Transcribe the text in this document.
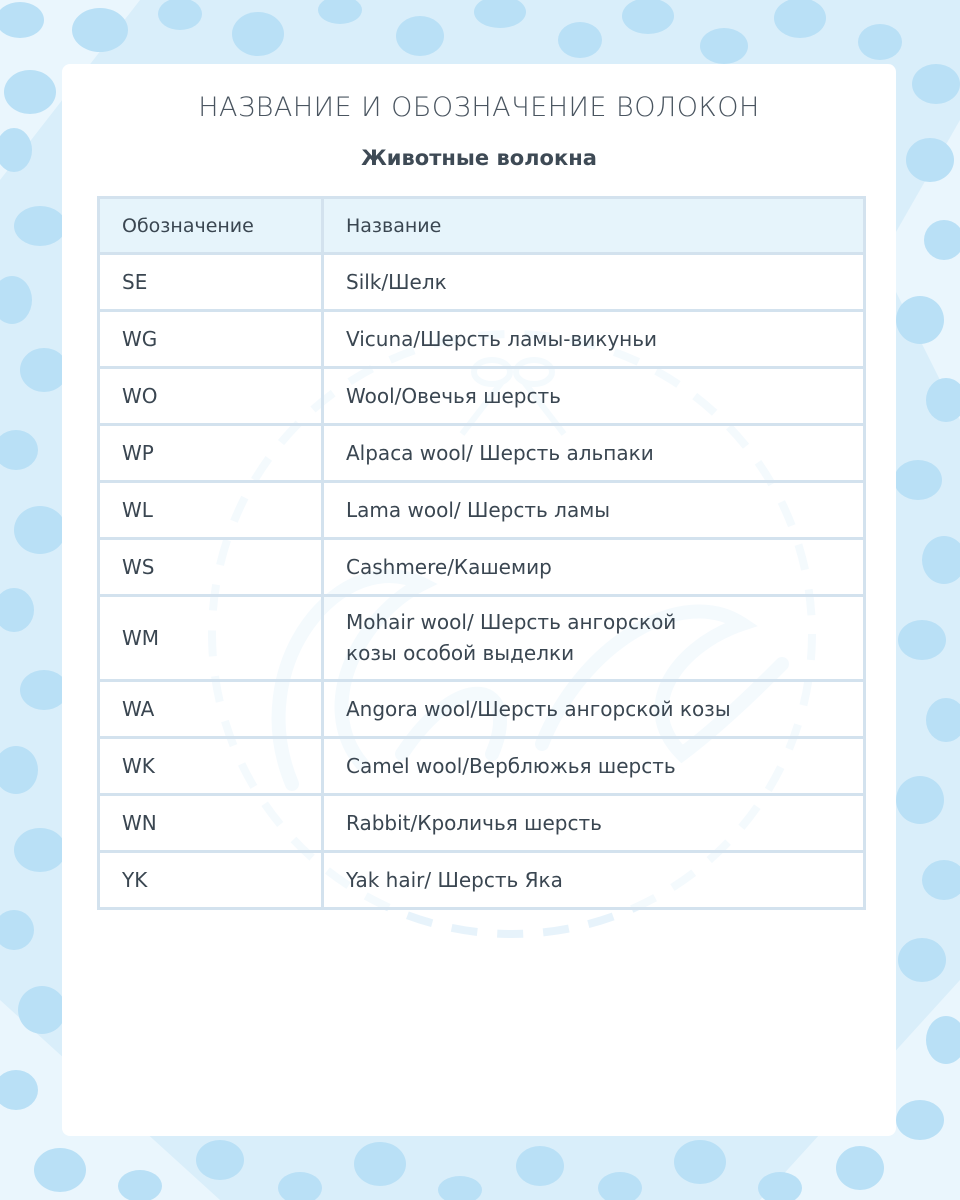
НАЗВАНИЕ И ОБОЗНАЧЕНИЕ ВОЛОКОН
Животные волокна
Обозначение	Название
SE	Silk/Шелк
WG	Vicuna/Шерсть ламы-викуньи
WO	Wool/Овечья шерсть
WP	Alpaca wool/ Шерсть альпаки
WL	Lama wool/ Шерсть ламы
WS	Cashmere/Кашемир
WM	Mohair wool/ Шерсть ангорской
козы особой выделки

WA	Angora wool/Шерсть ангорской козы
WK	Camel wool/Верблюжья шерсть
WN	Rabbit/Кроличья шерсть
YK	Yak hair/ Шерсть Яка
